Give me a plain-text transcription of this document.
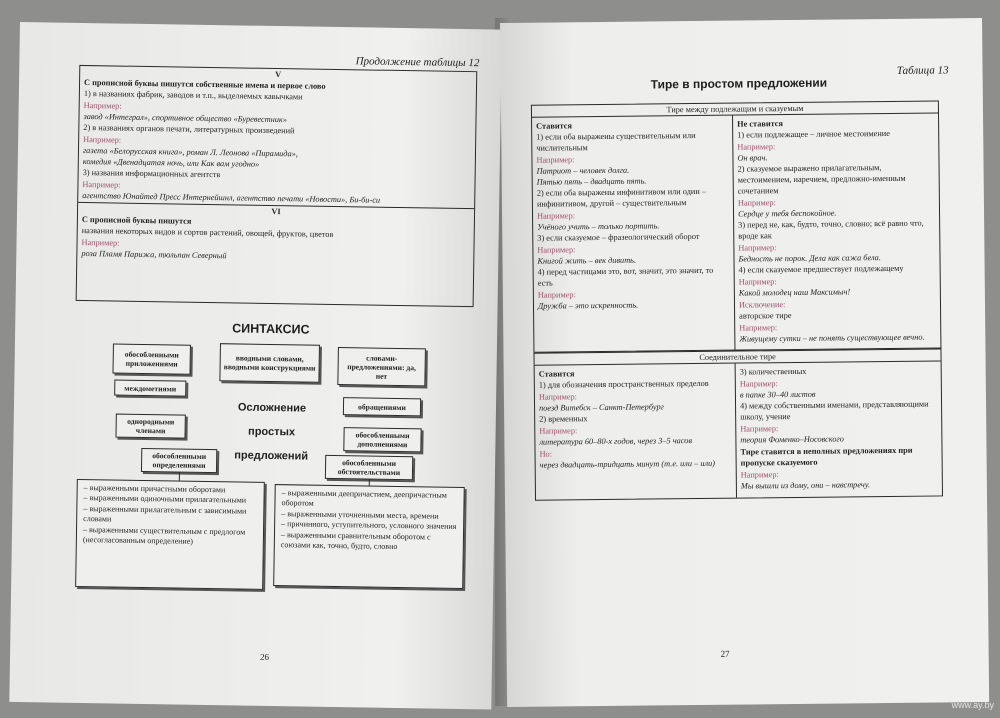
Продолжение таблицы 12
V
С прописной буквы пишутся собственные имена и первое слово
1) в названиях фабрик, заводов и т.п., выделяемых кавычками
Например:
завод «Интеграл», спортивное общество «Буревестник»
2) в названиях органов печати, литературных произведений
Например:
газета «Белорусская книга», роман Л. Леонова «Пирамида»,
комедия «Двенадцатая ночь, или Как вам угодно»
3) названия информационных агентств
Например:
агентство Юнайтед Пресс Интернейшнл, агентство печати «Новости», Би-би-си
VI
С прописной буквы пишутся
названия некоторых видов и сортов растений, овощей, фруктов, цветов
Например:
роза Пламя Парижа, тюльпан Северный
СИНТАКСИС
обособленными приложениями
вводными словами, вводными конструкциями
словами-предложениями: да, нет
междометиями
Осложнение
простых
предложений
обращениями
однородными членами	обособленными дополнениями
обособленными определениями	обособленными обстоятельствами
– выраженными причастными оборотами
– выраженными одиночными прилагательными
– выраженными прилагательным с зависимыми словами
– выраженными существительным с предлогом (несогласованным определение)
– выраженными деепричастием, деепричастным оборотом
– выраженными уточненными места, времени
– причинного, уступительного, условного значения
– выраженными сравнительным оборотом с союзами как, точно, будто, словно
26
Таблица 13
Тире в простом предложении
Тире между подлежащим и сказуемым
Ставится
1) если оба выражены существительным или числительным
Например:
Патриот – человек долга.
Пятью пять – двадцать пять.
2) если оба выражены инфинитивом или один – инфинитивом, другой – существительным
Например:
Учёного учить – только портить.
3) если сказуемое – фразеологический оборот
Например:
Книгой жить – век дивить.
4) перед частицами это, вот, значит, это значит, то есть
Например:
Дружба – это искренность.
Не ставится
1) если подлежащее – личное местоимение
Например:
Он врач.
2) сказуемое выражено прилагательным, местоимением, наречием, предложно-именным сочетанием
Например:
Сердце у тебя беспокойное.
3) перед не, как, будто, точно, словно; всё равно что, вроде как
Например:
Бедность не порок. Дела как сажа бела.
4) если сказуемое предшествует подлежащему
Например:
Какой молодец наш Максимыч!
Исключение:
авторское тире
Например:
Живущему сутки – не понять существующее вечно.
Соединительное тире
Ставится
1) для обозначения пространственных пределов
Например:
поезд Витебск – Санкт-Петербург
2) временных
Например:
литература 60–80-х годов, через 3–5 часов
Но:
через двадцать-тридцать минут (т.е. или – или)
3) количественных
Например:
в папке 30–40 листов
4) между собственными именами, представляющими школу, учение
Например:
теория Фоменко–Носовского
Тире ставится в неполных предложениях при пропуске сказуемого
Например:
Мы вышли из дому, они – навстречу.
27
www.ay.by
